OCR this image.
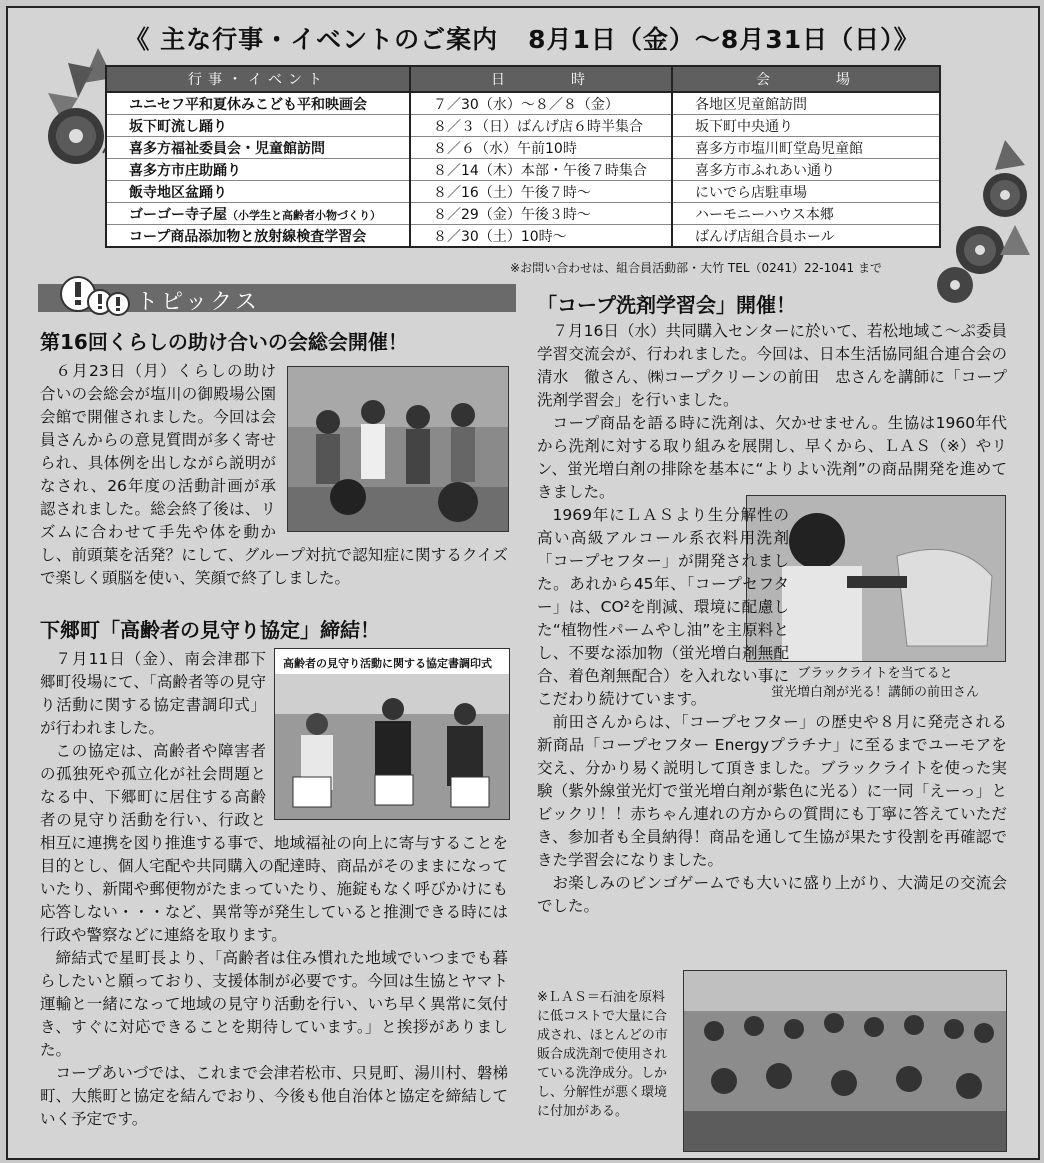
《 主な行事・イベントのご案内 8月1日（金）～8月31日（日）》
行事・イベント	日　　　時	会　　　場
ユニセフ平和夏休みこども平和映画会	７／30（水）～８／８（金）	各地区児童館訪問
坂下町流し踊り	８／３（日）ばんげ店６時半集合	坂下町中央通り
喜多方福祉委員会・児童館訪問	８／６（水）午前10時	喜多方市塩川町堂島児童館
喜多方市庄助踊り	８／14（木）本部・午後７時集合	喜多方市ふれあい通り
飯寺地区盆踊り	８／16（土）午後７時～	にいでら店駐車場
ゴーゴー寺子屋（小学生と高齢者小物づくり）	８／29（金）午後３時～	ハーモニーハウス本郷
コープ商品添加物と放射線検査学習会	８／30（土）10時～	ばんげ店組合員ホール
※お問い合わせは、組合員活動部・大竹 TEL（0241）22-1041 まで
トピックス
第16回くらしの助け合いの会総会開催！

６月23日（月）くらしの助け合いの会総会が塩川の御殿場公園会館で開催されました。今回は会員さんからの意見質問が多く寄せられ、具体例を出しながら説明がなされ、26年度の活動計画が承認されました。総会終了後は、リズムに合わせて手先や体を動かし、前頭葉を活発？にして、グループ対抗で認知症に関するクイズで楽しく頭脳を使い、笑顔で終了しました。

下郷町「高齢者の見守り協定」締結！
高齢者の見守り活動に関する協定書調印式

７月11日（金）、南会津郡下郷町役場にて、「高齢者等の見守り活動に関する協定書調印式」が行われました。

この協定は、高齢者や障害者の孤独死や孤立化が社会問題となる中、下郷町に居住する高齢者の見守り活動を行い、行政と相互に連携を図り推進する事で、地域福祉の向上に寄与することを目的とし、個人宅配や共同購入の配達時、商品がそのままになっていたり、新聞や郵便物がたまっていたり、施錠もなく呼びかけにも応答しない・・・など、異常等が発生していると推測できる時には行政や警察などに連絡を取ります。

締結式で星町長より、「高齢者は住み慣れた地域でいつまでも暮らしたいと願っており、支援体制が必要です。今回は生協とヤマト運輸と一緒になって地域の見守り活動を行い、いち早く異常に気付き、すぐに対応できることを期待しています。」と挨拶がありました。

コープあいづでは、これまで会津若松市、只見町、湯川村、磐梯町、大熊町と協定を結んでおり、今後も他自治体と協定を締結していく予定です。

「コープ洗剤学習会」開催！

７月16日（水）共同購入センターに於いて、若松地域こ～ぷ委員学習交流会が、行われました。今回は、日本生活協同組合連合会の清水　徹さん、㈱コープクリーンの前田　忠さんを講師に「コープ洗剤学習会」を行いました。

コープ商品を語る時に洗剤は、欠かせません。生協は1960年代から洗剤に対する取り組みを展開し、早くから、ＬＡＳ（※）やリン、蛍光増白剤の排除を基本に“よりよい洗剤”の商品開発を進めてきました。

ブラックライトを当てると
蛍光増白剤が光る！講師の前田さん

1969年にＬＡＳより生分解性の高い高級アルコール系衣料用洗剤「コープセフター」が開発されました。あれから45年、「コープセフター」は、CO²を削減、環境に配慮した“植物性パームやし油”を主原料とし、不要な添加物（蛍光増白剤無配合、着色剤無配合）を入れない事にこだわり続けています。

前田さんからは、「コープセフター」の歴史や８月に発売される新商品「コープセフター Energyプラチナ」に至るまでユーモアを交え、分かり易く説明して頂きました。ブラックライトを使った実験（紫外線蛍光灯で蛍光増白剤が紫色に光る）に一同「えーっ」とビックリ！！赤ちゃん連れの方からの質問にも丁寧に答えていただき、参加者も全員納得！商品を通して生協が果たす役割を再確認できた学習会になりました。

お楽しみのビンゴゲームでも大いに盛り上がり、大満足の交流会でした。

※ＬＡＳ＝石油を原料に低コストで大量に合成され、ほとんどの市販合成洗剤で使用されている洗浄成分。しかし、分解性が悪く環境に付加がある。
